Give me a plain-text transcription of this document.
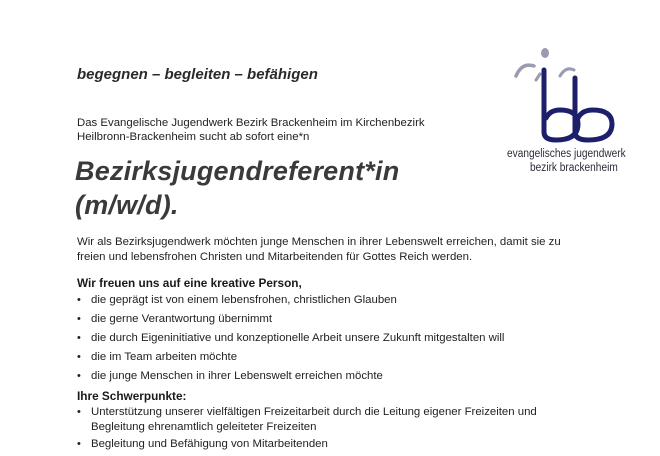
begegnen – begleiten – befähigen
Das Evangelische Jugendwerk Bezirk Brackenheim im Kirchenbezirk
Heilbronn-Brackenheim sucht ab sofort eine*n
Bezirksjugendreferent*in
(m/w/d).
Wir als Bezirksjugendwerk möchten junge Menschen in ihrer Lebenswelt erreichen, damit sie zu
freien und lebensfrohen Christen und Mitarbeitenden für Gottes Reich werden.
Wir freuen uns auf eine kreative Person,
• die geprägt ist von einem lebensfrohen, christlichen Glauben
• die gerne Verantwortung übernimmt
• die durch Eigeninitiative und konzeptionelle Arbeit unsere Zukunft mitgestalten will
• die im Team arbeiten möchte
• die junge Menschen in ihrer Lebenswelt erreichen möchte
Ihre Schwerpunkte:
• Unterstützung unserer vielfältigen Freizeitarbeit durch die Leitung eigener Freizeiten und
Begleitung ehrenamtlich geleiteter Freizeiten
• Begleitung und Befähigung von Mitarbeitenden
evangelisches jugendwerk
bezirk brackenheim
